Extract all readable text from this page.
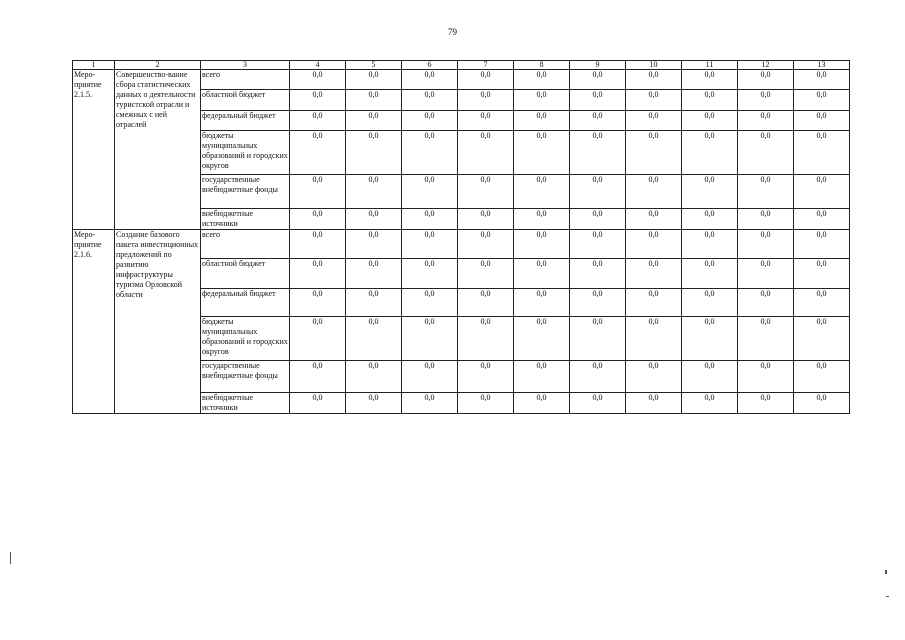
79
1	2	3	4	5	6	7	8	9	10	11	12	13
Меро-приятие 2.1.5.	Совершенство-вание сбора статистических данных о деятельности туристской отрасли и смежных с ней отраслей	всего	0,0	0,0	0,0	0,0	0,0	0,0	0,0	0,0	0,0	0,0
		областной бюджет	0,0	0,0	0,0	0,0	0,0	0,0	0,0	0,0	0,0	0,0
		федеральный бюджет	0,0	0,0	0,0	0,0	0,0	0,0	0,0	0,0	0,0	0,0
		бюджеты муниципальных образований и городских округов	0,0	0,0	0,0	0,0	0,0	0,0	0,0	0,0	0,0	0,0
		государственные внебюджетные фонды	0,0	0,0	0,0	0,0	0,0	0,0	0,0	0,0	0,0	0,0
		внебюджетные источники	0,0	0,0	0,0	0,0	0,0	0,0	0,0	0,0	0,0	0,0
Меро-приятие 2.1.6.	Создание базового пакета инвестиционных предложений по развитию инфраструктуры туризма Орловской области	всего	0,0	0,0	0,0	0,0	0,0	0,0	0,0	0,0	0,0	0,0
		областной бюджет	0,0	0,0	0,0	0,0	0,0	0,0	0,0	0,0	0,0	0,0
		федеральный бюджет	0,0	0,0	0,0	0,0	0,0	0,0	0,0	0,0	0,0	0,0
		бюджеты муниципальных образований и городских округов	0,0	0,0	0,0	0,0	0,0	0,0	0,0	0,0	0,0	0,0
		государственные внебюджетные фонды	0,0	0,0	0,0	0,0	0,0	0,0	0,0	0,0	0,0	0,0
		внебюджетные источники	0,0	0,0	0,0	0,0	0,0	0,0	0,0	0,0	0,0	0,0
